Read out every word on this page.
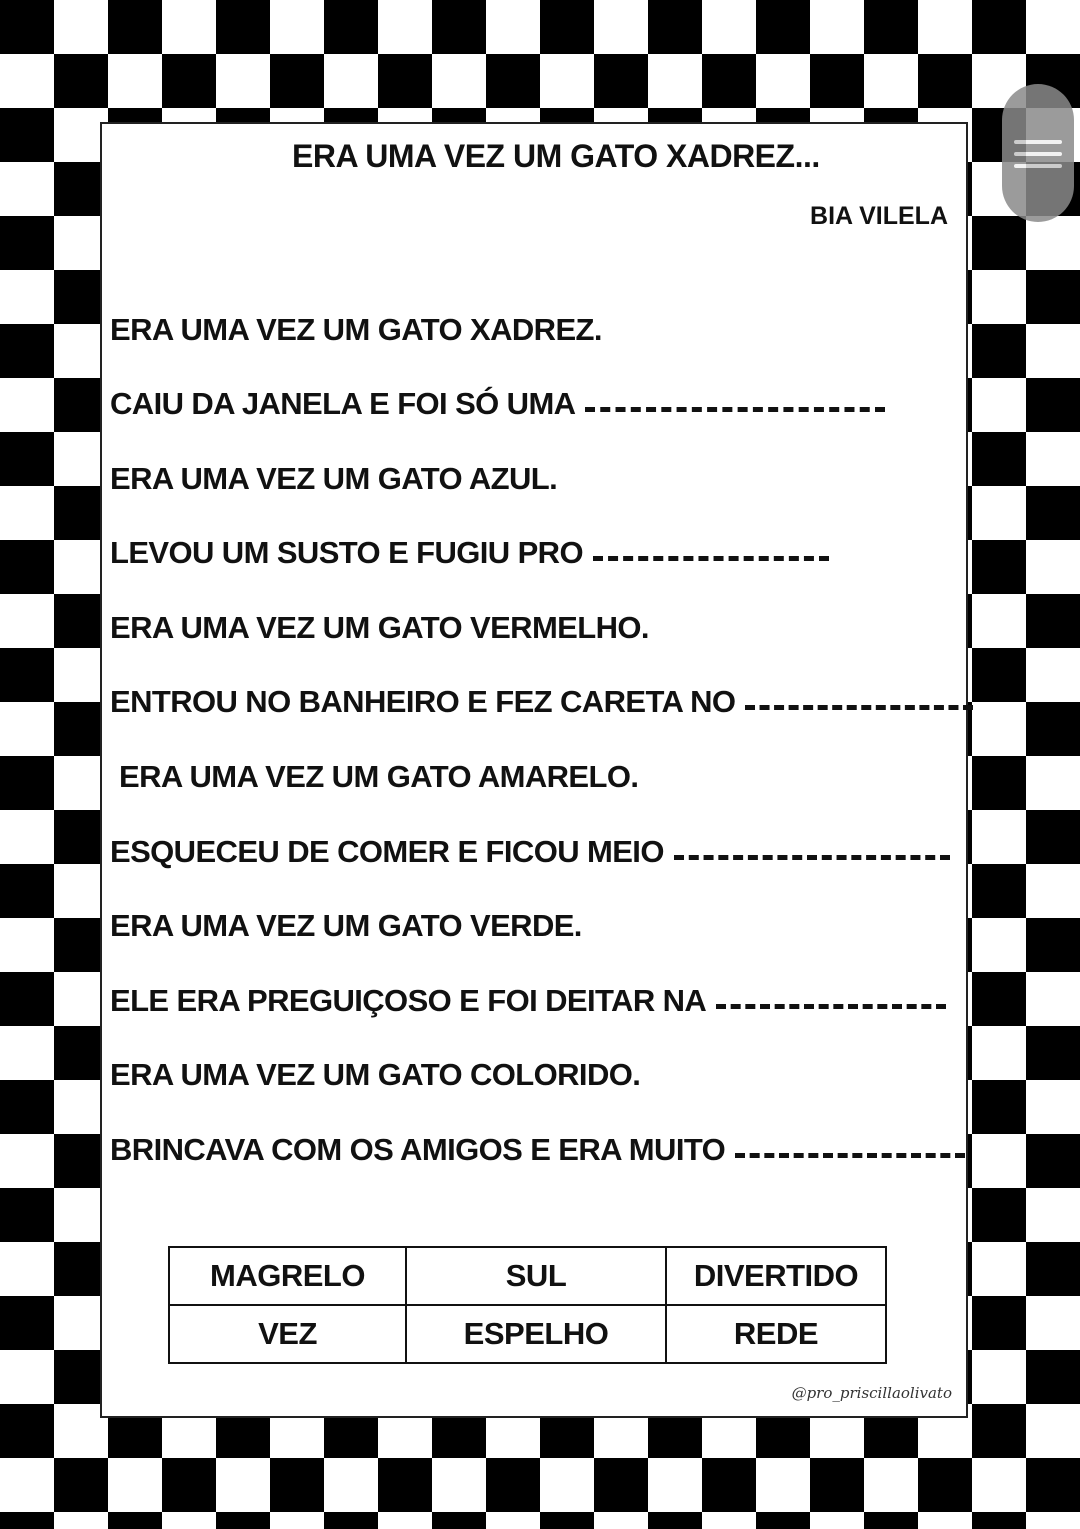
ERA UMA VEZ UM GATO XADREZ...
BIA VILELA
ERA UMA VEZ UM GATO XADREZ.
CAIU DA JANELA E FOI SÓ UMA
ERA UMA VEZ UM GATO AZUL.
LEVOU UM SUSTO E FUGIU PRO
ERA UMA VEZ UM GATO VERMELHO.
ENTROU NO BANHEIRO E FEZ CARETA NO
ERA UMA VEZ UM GATO AMARELO.
ESQUECEU DE COMER E FICOU MEIO
ERA UMA VEZ UM GATO VERDE.
ELE ERA PREGUIÇOSO E FOI DEITAR NA
ERA UMA VEZ UM GATO COLORIDO.
BRINCAVA COM OS AMIGOS E ERA MUITO
MAGRELO	SUL	DIVERTIDO
VEZ	ESPELHO	REDE
@pro_priscillaolivato
